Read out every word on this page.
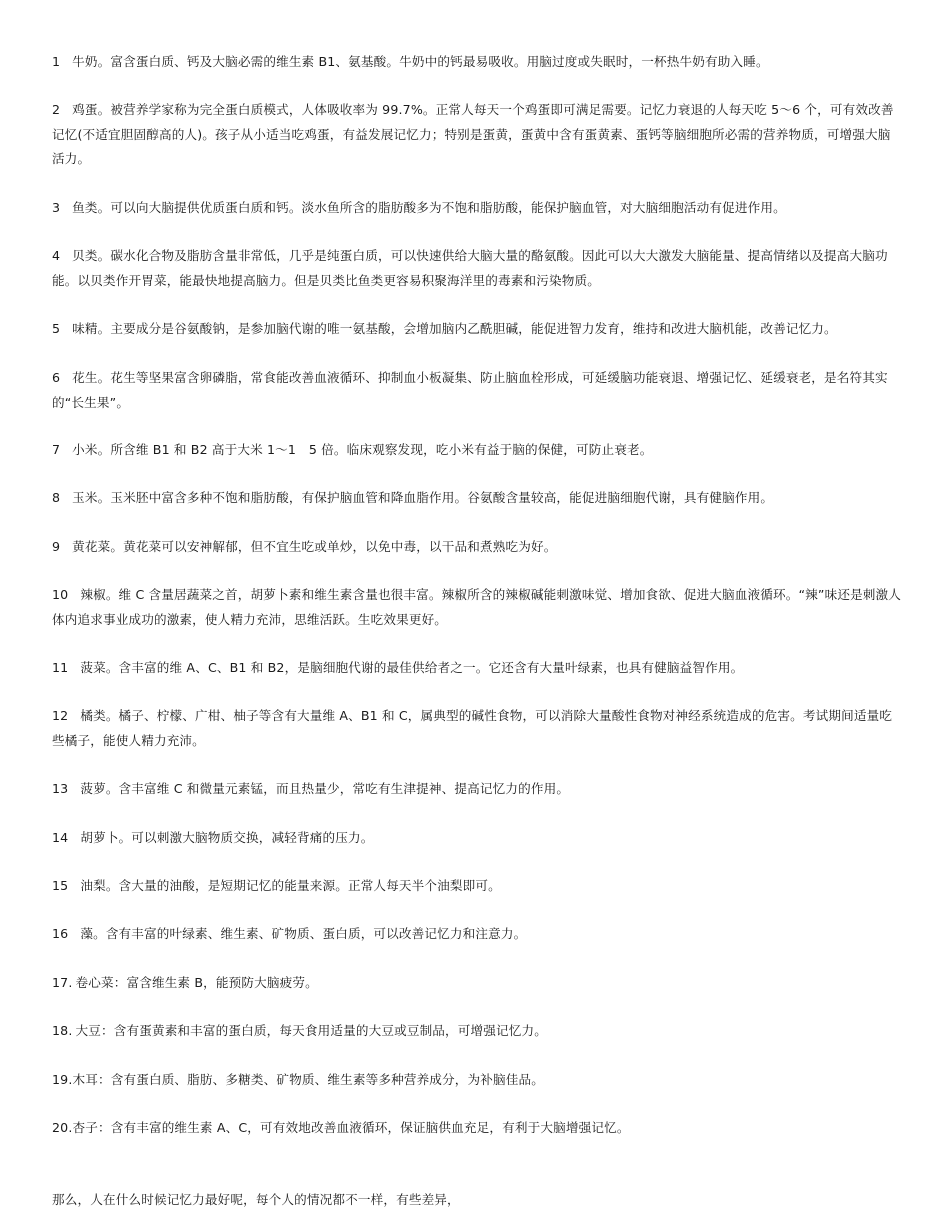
1 牛奶。富含蛋白质、钙及大脑必需的维生素 B1、氨基酸。牛奶中的钙最易吸收。用脑过度或失眠时，一杯热牛奶有助入睡。

2 鸡蛋。被营养学家称为完全蛋白质模式，人体吸收率为 99.7%。正常人每天一个鸡蛋即可满足需要。记忆力衰退的人每天吃 5～6 个，可有效改善记忆(不适宜胆固醇高的人)。孩子从小适当吃鸡蛋，有益发展记忆力；特别是蛋黄，蛋黄中含有蛋黄素、蛋钙等脑细胞所必需的营养物质，可增强大脑活力。

3 鱼类。可以向大脑提供优质蛋白质和钙。淡水鱼所含的脂肪酸多为不饱和脂肪酸，能保护脑血管，对大脑细胞活动有促进作用。

4 贝类。碳水化合物及脂肪含量非常低，几乎是纯蛋白质，可以快速供给大脑大量的酪氨酸。因此可以大大激发大脑能量、提高情绪以及提高大脑功能。以贝类作开胃菜，能最快地提高脑力。但是贝类比鱼类更容易积聚海洋里的毒素和污染物质。

5 味精。主要成分是谷氨酸钠，是参加脑代谢的唯一氨基酸，会增加脑内乙酰胆碱，能促进智力发育，维持和改进大脑机能，改善记忆力。

6 花生。花生等坚果富含卵磷脂，常食能改善血液循环、抑制血小板凝集、防止脑血栓形成，可延缓脑功能衰退、增强记忆、延缓衰老，是名符其实的“长生果”。

7 小米。所含维 B1 和 B2 高于大米 1～1　5 倍。临床观察发现，吃小米有益于脑的保健，可防止衰老。

8 玉米。玉米胚中富含多种不饱和脂肪酸，有保护脑血管和降血脂作用。谷氨酸含量较高，能促进脑细胞代谢，具有健脑作用。

9 黄花菜。黄花菜可以安神解郁，但不宜生吃或单炒，以免中毒，以干品和煮熟吃为好。

10 辣椒。维 C 含量居蔬菜之首，胡萝卜素和维生素含量也很丰富。辣椒所含的辣椒碱能刺激味觉、增加食欲、促进大脑血液循环。“辣”味还是刺激人体内追求事业成功的激素，使人精力充沛，思维活跃。生吃效果更好。

11 菠菜。含丰富的维 A、C、B1 和 B2，是脑细胞代谢的最佳供给者之一。它还含有大量叶绿素，也具有健脑益智作用。

12 橘类。橘子、柠檬、广柑、柚子等含有大量维 A、B1 和 C，属典型的碱性食物，可以消除大量酸性食物对神经系统造成的危害。考试期间适量吃些橘子，能使人精力充沛。

13 菠萝。含丰富维 C 和微量元素锰，而且热量少，常吃有生津提神、提高记忆力的作用。

14 胡萝卜。可以刺激大脑物质交换，减轻背痛的压力。

15 油梨。含大量的油酸，是短期记忆的能量来源。正常人每天半个油梨即可。

16 藻。含有丰富的叶绿素、维生素、矿物质、蛋白质，可以改善记忆力和注意力。

17. 卷心菜：富含维生素 B，能预防大脑疲劳。

18. 大豆：含有蛋黄素和丰富的蛋白质，每天食用适量的大豆或豆制品，可增强记忆力。

19.木耳：含有蛋白质、脂肪、多糖类、矿物质、维生素等多种营养成分，为补脑佳品。

20.杏子：含有丰富的维生素 A、C，可有效地改善血液循环，保证脑供血充足，有利于大脑增强记忆。

那么，人在什么时候记忆力最好呢，每个人的情况都不一样，有些差异，
